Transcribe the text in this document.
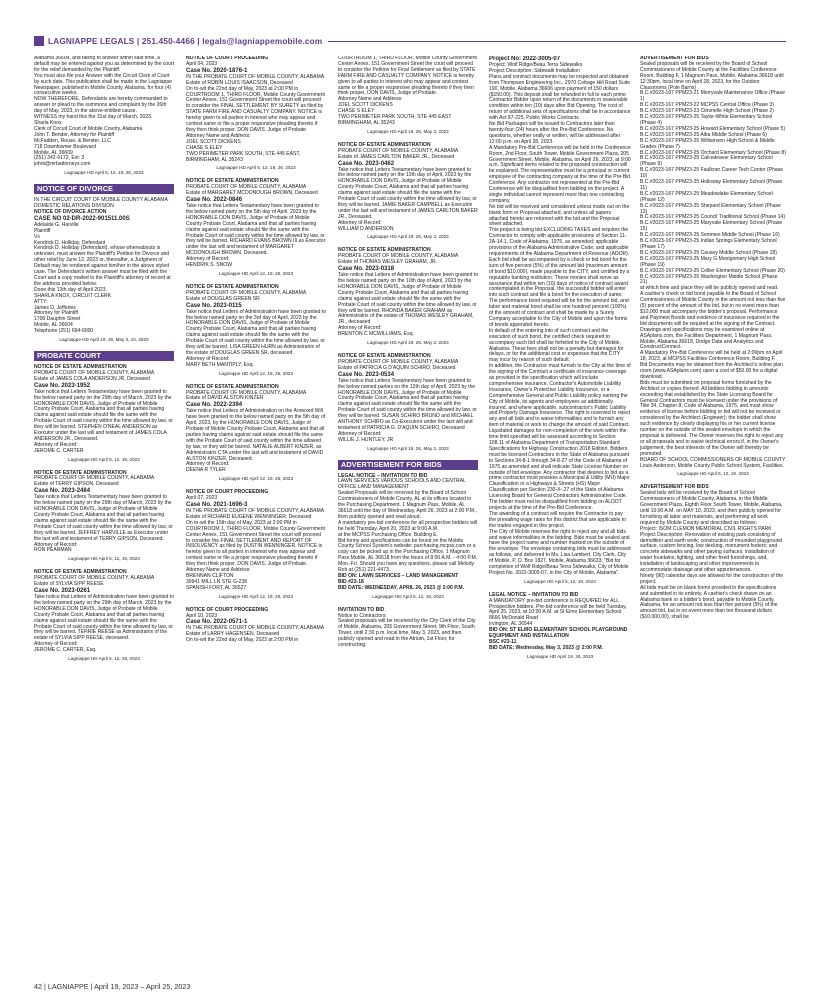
LAGNIAPPE LEGALS | 251.450-4466 | legals@lagniappemobile.com
Alabama 36609, and failing to answer within said time, a default may be entered against you as determined by the court for the relief demanded by the Plaintiff.
You must also file your Answer with the Circuit Clerk of Court by such date. This publication shall be made in the Lagniappe Newspaper, published in Mobile County, Alabama, for four (4) consecutive weeks.
NOW THEREFORE, Defendants are hereby commanded to answer or plead to the summons and complaint by the 26th day of May, 2023, in the above-entitled cause.
WITNESS my hand this the 31st day of March, 2023.
Sharla Knox
Clerk of Circuit Court of Mobile County, Alabama
John T. Bender, Attorney for Plaintiff
McFadden, Rouse, & Bender, LLC
718 Downtowner Boulevard
Mobile, AL 36609
(251) 342-9172, Ext: 3
johnt@mrbattorneys.com
Lagniappe HD April 5, 12, 19, 26, 2023
NOTICE OF DIVORCE
IN THE CIRCUIT COURT OF MOBILE COUNTY ALABAMA
DOMESTIC RELATIONS DIVISION
NOTICE OF DIVORCE ACTION
CASE NO 02-DR-2022-901511.00S
Adelaide G. Harville
Plaintiff
Vs
Kendrick D. Holliday, Defendant
Kendrick D. Holliday (Defendant), whose whereabouts is unknown, must answer the Plaintiff's Petition for Divorce and other relief by June 12, 2023 or, thereafter, a Judgment of Default may be rendered against him/her in the above styled case. The Defendant's written answer must be filed with the Court and a copy mailed to the Plaintiff's attorney of record at the address provided below.
Done this 13th day of April 2023.
SHARLA KNOX, CIRCUIT CLERK
ATTY:
James D. Jefferies
Attorney for Plaintiff
1706 Dauphin Street
Mobile, AL 36604
Telephone (251) 694-6000
Lagniappe HD April 19, 26, May 3, 10, 2023
PROBATE COURT
NOTICE OF ESTATE ADMINISTRATION
PROBATE COURT OF MOBILE COUNTY, ALABAMA
Estate of JAMES COLA ANDERSON JR, Deceased
Case No. 2023-1952
Take notice that Letters Testamentary have been granted to the below named party on the 29th day of March, 2023 by the HONORABLE DON DAVIS, Judge of Probate of Mobile County Probate Court, Alabama and that all parties having claims against said estate should file the same with the Probate Court of said county within the time allowed by law, or they will be barred. STEPHEN O'NEAL ANDERSON as Executor under the last will and testament of JAMES COLA ANDERSON JR., Deceased.
Attorney of Record:
JEROME C. CARTER
Lagniappe HD April 5, 12, 19, 2023
NOTICE OF ESTATE ADMINISTRATION
PROBATE COURT OF MOBILE COUNTY, ALABAMA
Estate of TERRY GIPSON, Deceased
Case No. 2023-2484
Take notice that Letters Testamentary have been granted to the below named party on the 29th day of March, 2023 by the HONORABLE DON DAVIS, Judge of Probate of Mobile County Probate Court, Alabama and that all parties having claims against said estate should file the same with the Probate Court of said county within the time allowed by law, or they will be barred. JEFFREY HARVILLE as Executor under the last will and testament of TERRY GIPSON, Deceased.
Attorney of Record:
RON PEARMAN
Lagniappe HD April 5, 12, 19, 2023
NOTICE OF ESTATE ADMINISTRATION
PROBATE COURT OF MOBILE COUNTY, ALABAMA
Estate of SYLVIA SIPP REESE
Case No. 2023-0261
Take notice that Letters of Administration have been granted to the below named party on the 29th day of March, 2023 by the HONORABLE DON DAVIS, Judge of Probate of Mobile County Probate Court, Alabama and that all parties having claims against said estate should file the same with the Probate Court of said county within the time allowed by law, or they will be barred. TERRIE REESE as Administratrix of the estate of SYLVIA SIPP REESE, deceased.
Attorney of Record:
JEROME C. CARTER, Esq.
Lagniappe HD April 5, 12, 19, 2023
NOTICE OF COURT PROCEEDING
April 04, 2023
Case No. 2020-1876-1
IN THE PROBATE COURT OF MOBILE COUNTY, ALABAMA
Estate of ROBIN LOUIS ISAACSON, Deceased
On to-wit the 22nd day of May, 2023 at 2:00 PM in COURTROOM 1, THIRD FLOOR, Mobile County Government Center Annex, 151 Government Street the court will proceed to consider the FINAL SETTLEMENT BY SURETY as filed by STATE FARM FIRE AND CASUALTY COMPANY. NOTICE is hereby given to all parties in interest who may appear and contest same or file a proper responsive pleading thereto if they then think proper. DON DAVIS, Judge of Probate
Attorney Name and Address:
JOEL SCOTT DICKENS
CHASE S ELEY
TWO PERIMETER PARK SOUTH, STE 445 EAST, BIRMINGHAM, AL 35243
Lagniappe HD April 5, 12, 19, 26, 2023
NOTICE OF ESTATE ADMINISTRATION
PROBATE COURT OF MOBILE COUNTY, ALABAMA
Estate of MARGARET MCDONOUGH BROWN, Deceased
Case No. 2022-0846
Take notice that Letters Testamentary have been granted to the below named party on the 5th day of April, 2023 by the HONORABLE DON DAVIS, Judge of Probate of Mobile County Probate Court, Alabama and that all parties having claims against said estate should file the same with the Probate Court of said county within the time allowed by law, or they will be barred. RICHARD EVANS BROWN III as Executor under the last will and testament of MARGARET MCDONOUGH BROWN, Deceased.
Attorney of Record:
HENDRIK S. SNOW
Lagniappe HD April 12, 19, 26, 2023
NOTICE OF ESTATE ADMINISTRATION
PROBATE COURT OF MOBILE COUNTY, ALABAMA
Estate of DOUGLAS GREEN SR
Case No. 2023-0115
Take notice that Letters of Administration have been granted to the below named party on the 3rd day of April, 2023 by the HONORABLE DON DAVIS, Judge of Probate of Mobile County Probate Court, Alabama and that all parties having claims against said estate should file the same with the Probate Court of said county within the time allowed by law, or they will be barred. LISA GREEN HURN as Administratrix of the estate of DOUGLAS GREEN SR, deceased.
Attorney of Record:
MARY BETH MANTIPLY, Esq.
Lagniappe HD April 12, 19, 26, 2023
NOTICE OF ESTATE ADMINISTRATION
PROBATE COURT OF MOBILE COUNTY, ALABAMA
Estate of DAVID ALSTON KINZER
Case No. 2022-2394
Take notice that Letters of Administration on the Annexed Will have been granted to the below named party on the 5th day of April, 2023, by the HONORABLE DON DAVIS, Judge of Probate of Mobile County Probate Court, Alabama and that all parties having claims against said estate should file the same with the Probate Court of said county within the time allowed by law, or they will be barred. NATALIE ALBERT KINZER, as Administratrix CTA under the last will and testament of DAVID ALSTON KINZER, Deceased.
Attorney of Record:
DEENA R TYLER
Lagniappe HD April 12, 19, 26, 2023
NOTICE OF COURT PROCEEDING
April 07, 2023
Case No. 2021-1696-3
IN THE PROBATE COURT OF MOBILE COUNTY, ALABAMA
Estate of RICHARD EUGENE WENNINGER, Deceased
On to-wit the 15th day of May, 2023 at 2:00 PM in COURTROOM 1, THIRD FLOOR, Mobile County Government Center Annex, 151 Government Street the court will proceed to consider the FINAL SETTLEMENT AND REPORT OF INSOLVENCY as filed by DUSTIN WENNINGER. NOTICE is hereby given to all parties in interest who may appear and contest same or file a proper responsive pleading thereto if they then think proper. DON DAVIS, Judge of Probate.
Attorney Name and Address:
BRENNAN CLIFTON
30941 MILL LN STE G-238
SPANISH FORT, AL 36527
Lagniappe HD April 12, 19, 26, 2023
NOTICE OF COURT PROCEEDING
April 10, 2023
Case No. 2022-0571-1
IN THE PROBATE COURT OF MOBILE COUNTY, ALABAMA
Estate of LARRY HAGENSEN, Deceased
On to-wit the 22nd day of May, 2023 at 2:00 PM in
COURTROOM 1, THIRD FLOOR, Mobile County Government Center Annex, 151 Government Street the court will proceed to consider the Petition for Final Settlement as filed by STATE FARM FIRE AND CASUALTY COMPANY. NOTICE is hereby given to all parties in interest who may appear and contest same or file a proper responsive pleading thereto if they then think proper. DON DAVIS, Judge of Probate.
Attorney Name and Address:
JOEL SCOTT DICKENS
CHASE S ELEY
TWO PERIMETER PARK SOUTH, STE 445 EAST
BIRMINGHAM, AL 35243
Lagniappe HD April 19, 26, May 3, 2023
NOTICE OF ESTATE ADMINISTRATION
PROBATE COURT OF MOBILE COUNTY, ALABAMA
Estate of JAMES CARLTON BAKER JR., Deceased
Case No. 2023-0462
Take notice that Letters Testamentary have been granted to the below named party on the 12th day of April, 2023 by the HONORABLE DON DAVIS, Judge of Probate of Mobile County Probate Court, Alabama and that all parties having claims against said estate should file the same with the Probate Court of said county within the time allowed by law, or they will be barred. JAMIE BAKER CAMPBELL as Executrix under the last will and testament of JAMES CARLTON BAKER JR., Deceased.
Attorney of Record:
WILLIAM D ANDERSON
Lagniappe HD April 19, 26, May 3, 2023
NOTICE OF ESTATE ADMINISTRATION
PROBATE COURT OF MOBILE COUNTY, ALABAMA
Estate of THOMAS WESLEY GRAHAM, JR.
Case No. 2023-0318
Take notice that Letters of Administration have been granted to the below named party on the 10th day of April, 2023 by the HONORABLE DON DAVIS, Judge of Probate of Mobile County Probate Court, Alabama and that all parties having claims against said estate should file the same with the Probate Court of said county within the time allowed by law, or they will be barred. RHONDA BAKER GRAHAM as Administratrix of the estate of THOMAS WESLEY GRAHAM, JR., deceased
Attorney of Record:
BRENTON C MCWILLIAMS, Esq.
Lagniappe HD April 19, 26, May 3, 2023
NOTICE OF ESTATE ADMINISTRATION
PROBATE COURT OF MOBILE COUNTY, ALABAMA
Estate of PATRICIA G D'AQUIN SCHIRO, Deceased
Case No. 2023-0534
Take notice that Letters Testamentary have been granted to the below named parties on the 12th day of April, 2023 by the HONORABLE DON DAVIS, Judge of Probate of Mobile County Probate Court, Alabama and that all parties having claims against said estate should file the same with the Probate Court of said county within the time allowed by law, or they will be barred. SUSAN SCHIRO BRUNO and MICHAEL ANTHONY SCHIRO as Co-Executors under the last will and testament of PATRICIA G. D'AQUIN SCHIRO, Deceased
Attorney of Record:
WILLIE J. HUNTLEY, JR
Lagniappe HD April 19, 26, May 3, 2023
ADVERTISEMENT FOR BIDS
LEGAL NOTICE – INVITATION TO BID
LAWN SERVICES VARIOUS SCHOOLS AND CENTRAL OFFICE LAND MANAGEMENT
Sealed Proposals will be received by the Board of School Commissioners of Mobile County, AL at its offices located in the Purchasing Department, 1 Magnum Pass, Mobile, AL 36618 until the day of Wednesday, April 26, 2023 at 2:00 P.M., then publicly opened and read aloud.
A mandatory pre-bid conference for all prospective bidders will be held Thursday, April 20, 2023 at 9:00 A.M.
at the MCPSS Purchasing Office, Building E.
Bid forms and specifications can be found on the Mobile County School System's website: purchasing.mcpss.com or a copy can be picked up in the Purchasing Office, 1 Magnum Pass Mobile, AL 36618 from the hours of 8:00 A.M. - 4:00 P.M.
Mon.-Fri. Should you have any questions, please call Melody Roh at (251) 221-4473.
BID ON: LAWN SERVICES – LAND MANAGEMENT
BID #23-18
BID DATE: WEDNESDAY, APRIL 26, 2023 @ 2:00 P.M.
Lagniappe HD April 5, 12, 19, 2023
INVITATION TO BID
Notice to Contractors:
Sealed proposals will be received by the City Clerk of the City of Mobile, Alabama, 205 Government Street, 9th Floor, South Tower, until 2:30 p.m. local time, May 3, 2023, and then publicly opened and read in the Atrium, 1st Floor, for constructing:
Project No: 2022-3005-07
Project: Wolf Ridge/Beau Terra Sidewalks
Project Description: Sidewalk Installation
Plans and contract documents may be inspected and obtained from Thompson Engineering Inc., 2970 Cottage Hill Road Suite 190, Mobile, Alabama 36606 upon payment of 150 dollars ($150.00). This deposit shall be refunded in full to each prime Contractor Bidder upon return of the documents in reasonable condition within ten (10) days after Bid Opening. The cost of return of additional sets of specifications shall be in accordance with Act 97-225, Public Works Contracts.
No Bid Packages will be issued to Contractors later than twenty-four (24) hours after the Pre-Bid Conference. No questions, whether orally or written, will be addressed after 12:00 p.m. on April 28, 2023.
A Mandatory Pre-Bid Conference will be held in the Conference Room, 2nd Floor, South Tower, Mobile Government Plaza, 205 Government Street, Mobile, Alabama, on April 26, 2023, at 9:00 a.m. Significant items related to the proposed construction will be explained. The representative must be a principal or current employee of the contracting company at the time of the Pre-Bid Conference. Any contractor not represented at the Pre-Bid Conference will be disqualified from bidding on the project. A single individual cannot represent more than one contracting company.
No bid will be received and considered unless made out on the blank form or Proposal attached, and unless all papers attached hereto are returned with the bid and the Proposal sheet attached.
This project is being bid EXCLUDING TAXES and requires the Contractor to comply with applicable provisions of Section 11-2A-14.1, Code of Alabama, 1975, as amended; applicable provisions of the Alabama Administrative Code; and applicable requirements of the Alabama Department of Revenue (ADOR).
Each bid shall be accompanied by a check or bid bond for the sum of five percent (5%) of the amount bid (maximum amount of bond $10,000), made payable to the CITY, and certified by a reputable banking institution. These monies shall serve as assurance that within ten (10) days of notice of contract award contemplated in the Proposal, the successful bidder will enter into such contract and file a bond for the execution of same.
The performance bond required will be for the amount bid, and labor and material bond shall be one hundred percent (100%) of the amount of contract and shall be made by a Surety Company acceptable to the City of Mobile and upon the forms of bonds appended hereto.
In default of the entering into of such contract and the execution of such bond, the certified check required to accompany such bid shall be forfeited to the City of Mobile, Alabama. These fees shall not be a penalty but damages for delays, or for the additional cost or expenses that the CITY may incur by reason of such default.
In addition, the Contractor must furnish to the City at the time of the signing of the Contract a certificate of insurance coverage as provided in the specification which will include comprehensive insurance, Contractor's Automobile Liability Insurance, Owner's Protective Liability Insurance, or a Comprehensive General and Public Liability policy naming the City of Mobile, its agents and employees as additionally insured, and where applicable, subcontractor's Public Liability and Property Damage Insurance. The right is reserved to reject any and all bids and to waive informalities and to furnish any item of material or work to change the amount of said Contract. Liquidated damages for non-completion of the work within the time limit specified will be assessed according to Section 108.11 of Alabama Department of Transportation Standard Specifications for Highway Construction 2018 Edition. Bidders must be licensed Contractors in the State of Alabama pursuant to Sections 34-8-1 through 34-8-27 of the Code of Alabama of 1975 as amended and shall indicate State License Number on outside of bid envelope. Any contractor that desires to bid as a prime contractor must possess a Municipal & Utility (MU) Major Classification or a Highways & Streets (HS) Major Classification per Section 230-X-.27 of the State of Alabama Licensing Board for General Contractors Administrative Code. The bidder must not be disqualified from bidding on ALDOT projects at the time of the Pre-Bid Conference.
The awarding of a contract will require the Contractor to pay the prevailing wage rates for this district that are applicable to the trades engaged in this project.
The City of Mobile reserves the right to reject any and all bids and waive informalities in the bidding. Bids must be sealed and have the project name and number marked on the outside of the envelope. The envelope containing bids must be addressed as follows, and delivered to Ms. Lisa Lambert, City Clerk, City of Mobile, P. O. Box 1827, Mobile, Alabama 36633; "Bid for completion of Wolf Ridge/Beau Terra Sidewalks, City of Mobile Project No. 2022-3005-07, in the City of Mobile, Alabama".
Lagniappe HD April 5, 12, 19, 2023
LEGAL NOTICE – INVITATION TO BID
A MANDATORY pre-bid conference is REQUIRED for ALL Prospective bidders. Pre-bid conference will be held Tuesday, April 25, 2023, at 10:00 A.M. at St Elmo Elementary School
8666 McDonald Road
Irvington, AL 36544
BID ON: ST ELMO ELEMENTARY SCHOOL PLAYGROUND EQUIPMENT AND INSTALLATION
BSC #23-11
BID DATE: Wednesday, May 3, 2023 @ 2:00 P.M.
Lagniappe HD April 19, 26, 2023
ADVERTISEMENT FOR BIDS
Sealed proposals will be received by the Board of School Commissioners of Mobile County at the Facilities Conference Room, Building F, 1 Magnum Pass, Mobile, Alabama 36618 until 12:30pm, local time on April 28, 2023, for the Outdoor Classrooms (Pole Barns)
B.C.#2023-167 PPM23-21 Morryvale Maintenance Office (Phase 1)
B.C.#2023-167 PPM23-22 MCPSS Central Office (Phase 3)
B.C.#2023-167 PPM23-23 Citronelle High School (Phase 2)
B.C.#2023-167 PPM23-25 Taylor-White Elementary School (Phase 4)
B.C.#2023-167 PPM23-25 Howard Elementary School (Phase 5)
B.C.#2023-167 PPM23-25 Alba Middle School (Phase 6)
B.C.#2023-167 PPM23-25 Williamson High School & Middle Grades (Phase 7)
B.C.#2023-167 PPM23-25 Orchard Elementary School (Phase 8)
B.C.#2023-167 PPM23-25 Calcedeaver Elementary School (Phase 9)
B.C.#2023-167 PPM23-25 Faulkner Career Tech Center (Phase 10)
B.C.#2023-167 PPM23-25 Holloway Elementary School (Phase 11)
B.C.#2023-167 PPM23-25 Meadowlake Elementary School (Phase 12)
B.C.#2023-167 PPM23-25 Shepard Elementary School (Phase 13)
B.C.#2023-167 PPM23-25 Council Traditional School (Phase 14)
B.C.#2023-167 PPM23-25 Maryvale Elementary School (Phase 15)
B.C.#2023-167 PPM23-25 Semmes Middle School (Phase 16)
B.C.#2023-167 PPM23-25 Indian Springs Elementary School (Phase 17)
B.C.#2023-167 PPM23-25 Causey Middle School (Phase 18)
B.C.#2023-167 PPM23-25 Mary G Montgomery High School (Phase 19)
B.C.#2023-167 PPM23-25 Collier Elementary School (Phase 20)
B.C.#2023-167 PPM23-25 Washington Middle School (Phase 21)
at which time and place they will be publicly opened and read.
A cashier's check or bid bond payable to the Board of School Commissioners of Mobile County in the amount not less than five (5) percent of the amount of the bid, but in no event more than $10,000 must accompany the bidder's proposal. Performance and Payment Bonds and evidence of insurance required in the bid documents will be required at the signing of the Contract.
Drawings and specifications may be examined online at ASAplans.com, the Facilities Department, 1 Magnum Pass, Mobile, Alabama 36618, Dodge Data and Analytics and ConstructConnect.
A Mandatory Pre-Bid Conference will be held at 2:00pm on April 18, 2023, at MCPSS Facilities Conference Room, Building F.
Bid Documents may be obtained from the Architect's online plan room (www.ASAplans.com) upon a cost of $50.00 for a digital download.
Bids must be submitted on proposal forms furnished by the Architect or copies thereof. All bidders bidding in amounts exceeding that established by the State Licensing Board for General Contractors must be licensed under the provisions of Title 34, Chapter 8, Code of Alabama, 1975, and must show evidence of license before bidding or bid will not be received or considered by the Architect (Engineer); the bidder shall show such evidence by clearly displaying his or her current license number on the outside of the sealed envelope in which the proposal is delivered. The Owner reserves the right to reject any or all proposals and to waive technical errors if, in the Owner's judgement, the best interests of the Owner will thereby be promoted.
BOARD OF SCHOOL COMMISSIONERS OF MOBILE COUNTY
Louis Anderson, Mobile County Public School System, Facilities.
Lagniappe HD April 5, 12, 19, 2023
ADVERTISEMENT FOR BIDS
Sealed bids will be received by the Board of School Commissioners of Mobile County, Alabama, in the Middle Government Plaza, Eighth Floor South Tower, Mobile, Alabama, until 10:00 A.M. on MAY 10, 2023, and then publicly opened for furnishing all labor and materials, and performing all work required by Mobile County and described as follows:
Project: ISOM CLEMON MEMORIAL CIVIL RIGHTS PARK
Project Description: Renovation of existing park consisting of demolition and earth work; construction of mounded playground surface, custom fencing, low decking, monument footers; and concrete sidewalks and other paving surfaces; installation of water fountains, lighting, and other fixed furnishings, and, installation of landscaping and other improvements to accommodate drainage and other appurtenances.
Ninety (90) calendar days are allowed for the construction of the project.
All bids must be on blank forms provided in the specifications and submitted in its entirety. A cashier's check drawn on an Alabama bank or a bidder's bond, payable to Mobile County, Alabama, for an amount not less than five percent (5%) of the amount bid, but in no event more than ten thousand dollars ($10,000.00), shall be
42 | LAGNIAPPE | April 19, 2023 – April 25, 2023
